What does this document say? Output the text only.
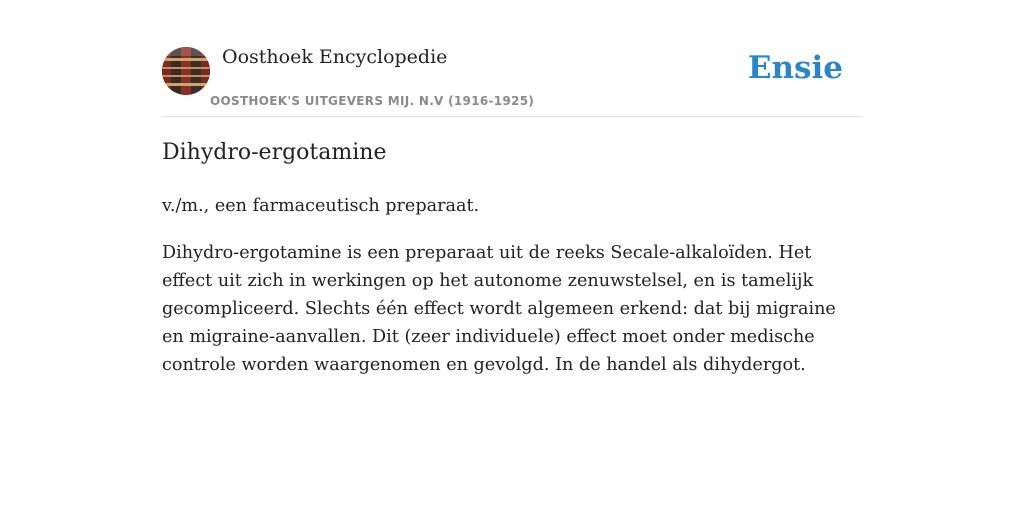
Oosthoek Encyclopedie
OOSTHOEK'S UITGEVERS MIJ. N.V (1916-1925)
Ensie
Dihydro-ergotamine

v./m., een farmaceutisch preparaat.

Dihydro-ergotamine is een preparaat uit de reeks Secale-alkaloïden. Het effect uit zich in werkingen op het autonome zenuwstelsel, en is tamelijk gecompliceerd. Slechts één effect wordt algemeen erkend: dat bij migraine en migraine-aanvallen. Dit (zeer individuele) effect moet onder medische controle worden waargenomen en gevolgd. In de handel als dihydergot.
